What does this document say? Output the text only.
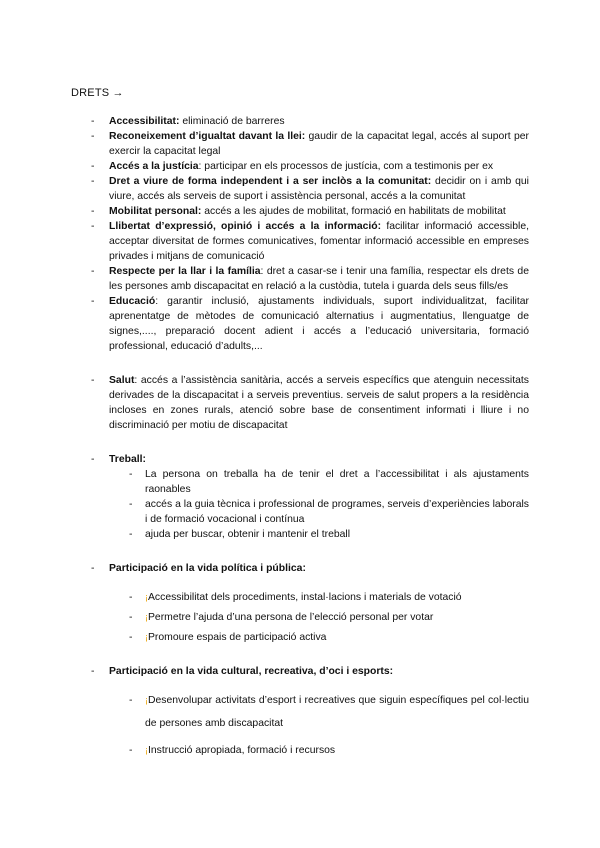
DRETS →
- Accessibilitat: eliminació de barreres
- Reconeixement d’igualtat davant la llei: gaudir de la capacitat legal, accés al suport per exercir la capacitat legal
- Accés a la justícia: participar en els processos de justícia, com a testimonis per ex
- Dret a viure de forma independent i a ser inclòs a la comunitat: decidir on i amb qui viure, accés als serveis de suport i assistència personal, accés a la comunitat
- Mobilitat personal: accés a les ajudes de mobilitat, formació en habilitats de mobilitat
- Llibertat d’expressió, opinió i accés a la informació: facilitar informació accessible, acceptar diversitat de formes comunicatives, fomentar informació accessible en empreses privades i mitjans de comunicació
- Respecte per la llar i la família: dret a casar-se i tenir una família, respectar els drets de les persones amb discapacitat en relació a la custòdia, tutela i guarda dels seus fills/es
- Educació: garantir inclusió, ajustaments individuals, suport individualitzat, facilitar aprenentatge de mètodes de comunicació alternatius i augmentatius, llenguatge de signes,...., preparació docent adient i accés a l’educació universitaria, formació professional, educació d’adults,...
- Salut: accés a l’assistència sanitària, accés a serveis específics que atenguin necessitats derivades de la discapacitat i a serveis preventius. serveis de salut propers a la residència incloses en zones rurals, atenció sobre base de consentiment informati i lliure i no discriminació per motiu de discapacitat
- Treball:
- La persona on treballa ha de tenir el dret a l’accessibilitat i als ajustaments raonables
- accés a la guia tècnica i professional de programes, serveis d’experiències laborals i de formació vocacional i contínua
- ajuda per buscar, obtenir i mantenir el treball
- Participació en la vida política i pública:
- ¡Accessibilitat dels procediments, instal·lacions i materials de votació
- ¡Permetre l’ajuda d’una persona de l’elecció personal per votar
- ¡Promoure espais de participació activa
- Participació en la vida cultural, recreativa, d’oci i esports:
- ¡Desenvolupar activitats d’esport i recreatives que siguin específiques pel col·lectiu de persones amb discapacitat
- ¡Instrucció apropiada, formació i recursos
